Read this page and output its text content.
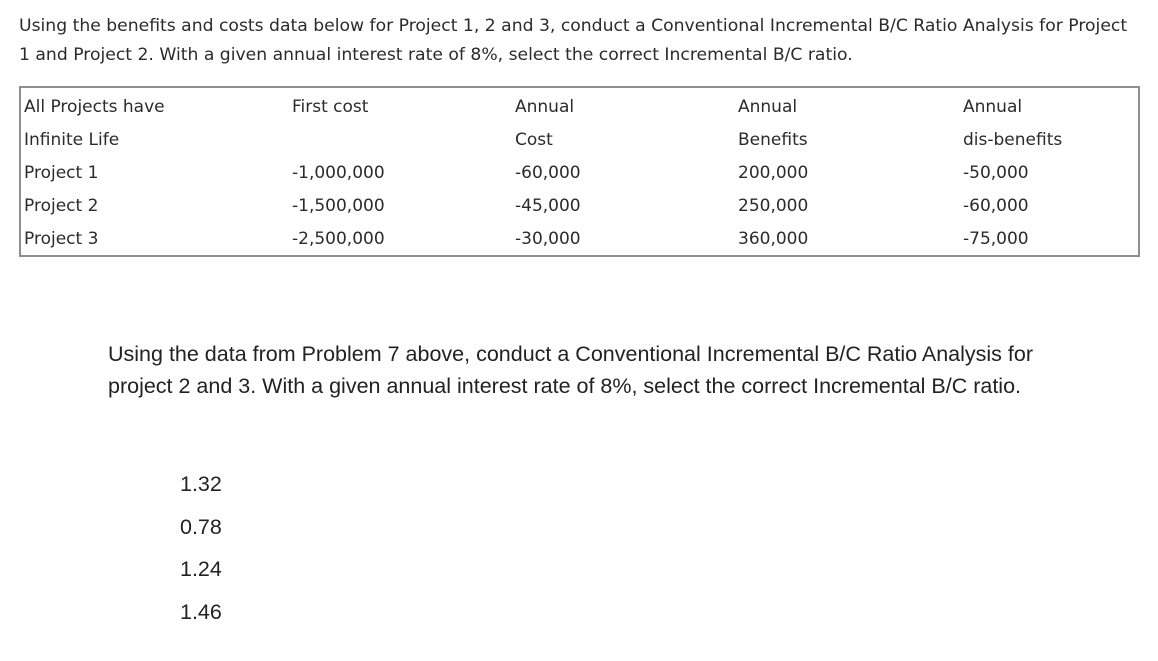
Using the benefits and costs data below for Project 1, 2 and 3, conduct a Conventional Incremental B/C Ratio Analysis for Project 1 and Project 2. With a given annual interest rate of 8%, select the correct Incremental B/C ratio.

All Projects have	First cost	Annual	Annual	Annual
Infinite Life		Cost	Benefits	dis-benefits
Project 1	-1,000,000	-60,000	200,000	-50,000
Project 2	-1,500,000	-45,000	250,000	-60,000
Project 3	-2,500,000	-30,000	360,000	-75,000

Using the data from Problem 7 above, conduct a Conventional Incremental B/C Ratio Analysis for project 2 and 3. With a given annual interest rate of 8%, select the correct Incremental B/C ratio.

1.32
0.78
1.24
1.46
